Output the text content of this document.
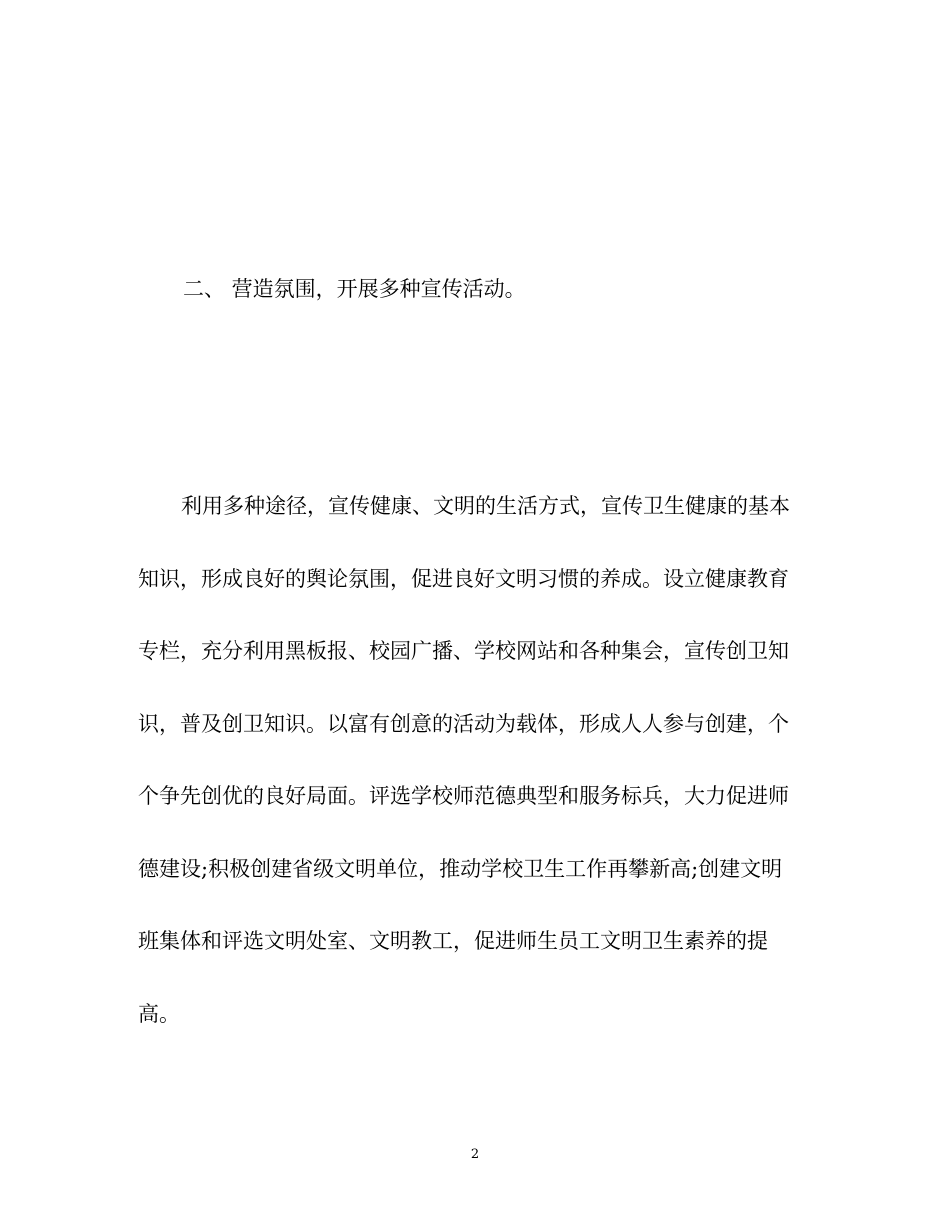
二、 营造氛围，开展多种宣传活动。
利用多种途径，宣传健康、文明的生活方式，宣传卫生健康的基本
知识，形成良好的舆论氛围，促进良好文明习惯的养成。设立健康教育
专栏，充分利用黑板报、校园广播、学校网站和各种集会，宣传创卫知
识，普及创卫知识。以富有创意的活动为载体，形成人人参与创建，个
个争先创优的良好局面。评选学校师范德典型和服务标兵，大力促进师
德建设;积极创建省级文明单位，推动学校卫生工作再攀新高;创建文明
班集体和评选文明处室、文明教工，促进师生员工文明卫生素养的提
高。
2
